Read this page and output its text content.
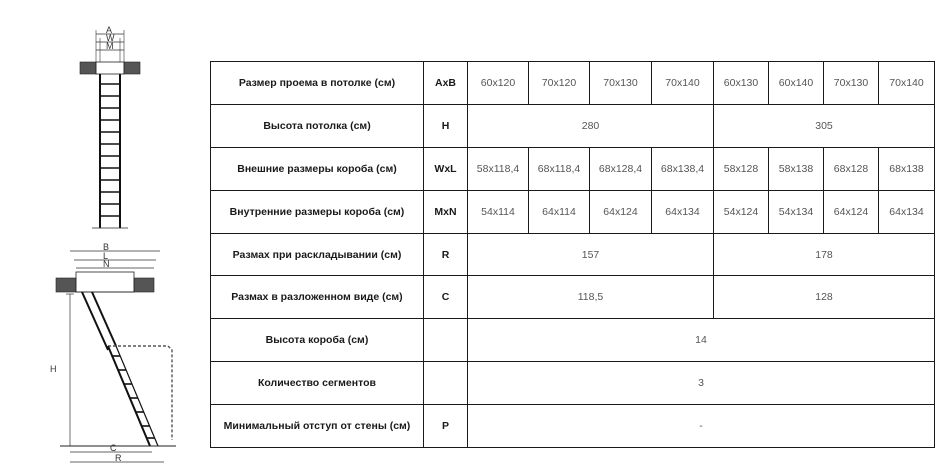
A
W
M
B
L
N
H
C
R
Размер проема в потолке (см)	AxB	60x120	70x120	70x130	70x140	60x130	60x140	70x130	70x140
Высота потолка (см)	H	280				305			
Внешние размеры короба (см)	WxL	58x118,4	68x118,4	68x128,4	68x138,4	58x128	58x138	68x128	68x138
Внутренние размеры короба (см)	MxN	54x114	64x114	64x124	64x134	54x124	54x134	64x124	64x134
Размах при раскладывании (см)	R	157				178			
Размах в разложенном виде (см)	C	118,5				128			
Высота короба (см)		14							
Количество сегментов		3							
Минимальный отступ от стены (см)	P	-							
